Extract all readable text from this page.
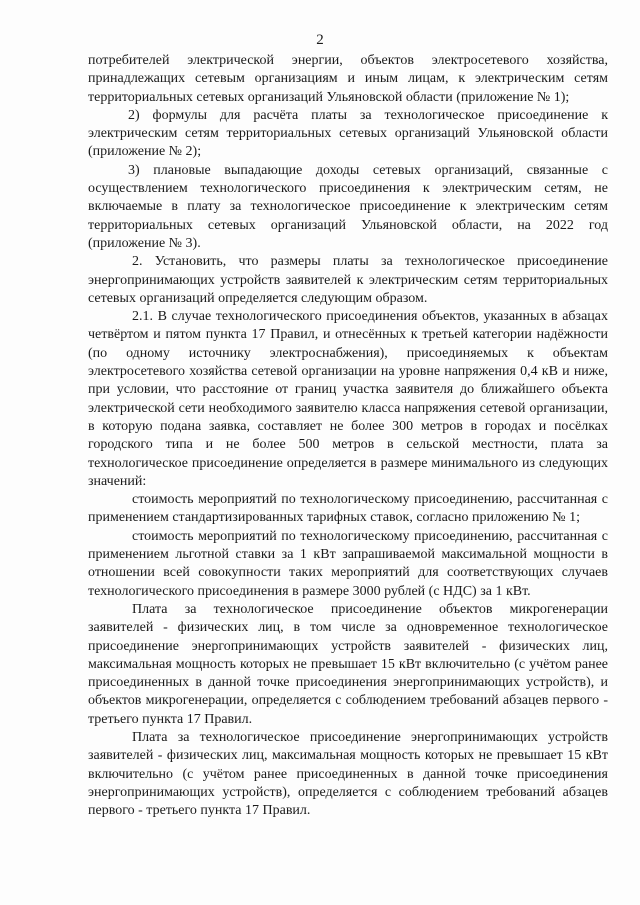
2

потребителей электрической энергии, объектов электросетевого хозяйства, принадлежащих сетевым организациям и иным лицам, к электрическим сетям территориальных сетевых организаций Ульяновской области (приложение № 1);

2) формулы для расчёта платы за технологическое присоединение к электрическим сетям территориальных сетевых организаций Ульяновской области (приложение № 2);

3) плановые выпадающие доходы сетевых организаций, связанные с осуществлением технологического присоединения к электрическим сетям, не включаемые в плату за технологическое присоединение к электрическим сетям территориальных сетевых организаций Ульяновской области, на 2022 год (приложение № 3).

2. Установить, что размеры платы за технологическое присоединение энергопринимающих устройств заявителей к электрическим сетям территориальных сетевых организаций определяется следующим образом.

2.1. В случае технологического присоединения объектов, указанных в абзацах четвёртом и пятом пункта 17 Правил, и отнесённых к третьей категории надёжности (по одному источнику электроснабжения), присоединяемых к объектам электросетевого хозяйства сетевой организации на уровне напряжения 0,4 кВ и ниже, при условии, что расстояние от границ участка заявителя до ближайшего объекта электрической сети необходимого заявителю класса напряжения сетевой организации, в которую подана заявка, составляет не более 300 метров в городах и посёлках городского типа и не более 500 метров в сельской местности, плата за технологическое присоединение определяется в размере минимального из следующих значений:

стоимость мероприятий по технологическому присоединению, рассчитанная с применением стандартизированных тарифных ставок, согласно приложению № 1;

стоимость мероприятий по технологическому присоединению, рассчитанная с применением льготной ставки за 1 кВт запрашиваемой максимальной мощности в отношении всей совокупности таких мероприятий для соответствующих случаев технологического присоединения в размере 3000 рублей (с НДС) за 1 кВт.

Плата за технологическое присоединение объектов микрогенерации заявителей - физических лиц, в том числе за одновременное технологическое присоединение энергопринимающих устройств заявителей - физических лиц, максимальная мощность которых не превышает 15 кВт включительно (с учётом ранее присоединенных в данной точке присоединения энергопринимающих устройств), и объектов микрогенерации, определяется с соблюдением требований абзацев первого - третьего пункта 17 Правил.

Плата за технологическое присоединение энергопринимающих устройств заявителей - физических лиц, максимальная мощность которых не превышает 15 кВт включительно (с учётом ранее присоединенных в данной точке присоединения энергопринимающих устройств), определяется с соблюдением требований абзацев первого - третьего пункта 17 Правил.
